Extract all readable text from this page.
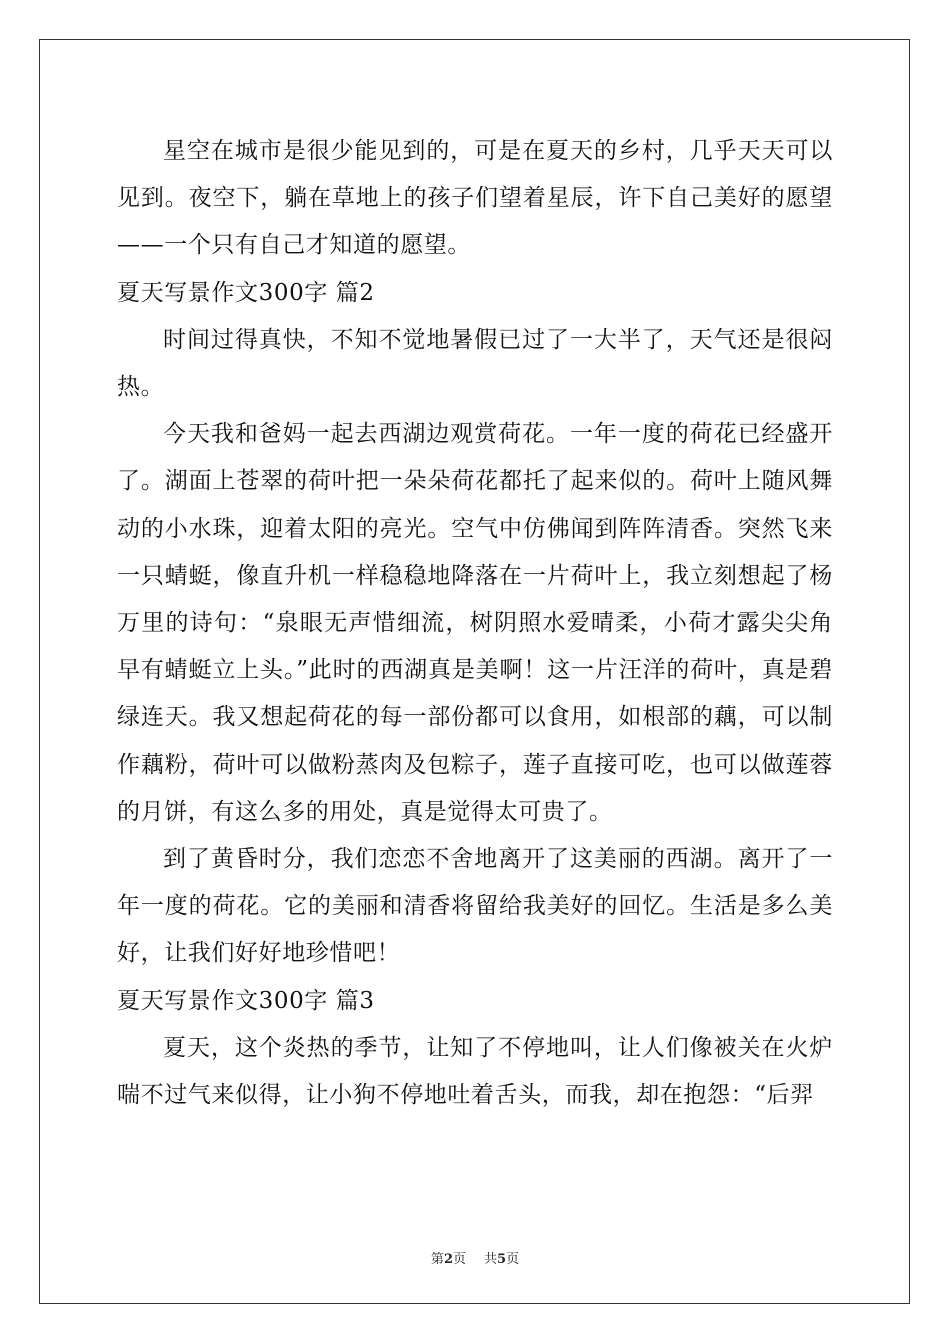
星空在城市是很少能见到的，可是在夏天的乡村，几乎天天可以见到。夜空下，躺在草地上的孩子们望着星辰，许下自己美好的愿望——一个只有自己才知道的愿望。

夏天写景作文300字 篇2

时间过得真快，不知不觉地暑假已过了一大半了，天气还是很闷热。

今天我和爸妈一起去西湖边观赏荷花。一年一度的荷花已经盛开了。湖面上苍翠的荷叶把一朵朵荷花都托了起来似的。荷叶上随风舞动的小水珠，迎着太阳的亮光。空气中仿佛闻到阵阵清香。突然飞来一只蜻蜓，像直升机一样稳稳地降落在一片荷叶上，我立刻想起了杨万里的诗句：“泉眼无声惜细流，树阴照水爱晴柔，小荷才露尖尖角早有蜻蜓立上头。”此时的西湖真是美啊！这一片汪洋的荷叶，真是碧绿连天。我又想起荷花的每一部份都可以食用，如根部的藕，可以制作藕粉，荷叶可以做粉蒸肉及包粽子，莲子直接可吃，也可以做莲蓉的月饼，有这么多的用处，真是觉得太可贵了。

到了黄昏时分，我们恋恋不舍地离开了这美丽的西湖。离开了一年一度的荷花。它的美丽和清香将留给我美好的回忆。生活是多么美好，让我们好好地珍惜吧！

夏天写景作文300字 篇3

夏天，这个炎热的季节，让知了不停地叫，让人们像被关在火炉喘不过气来似得，让小狗不停地吐着舌头，而我，却在抱怨：“后羿

第2页 共5页
